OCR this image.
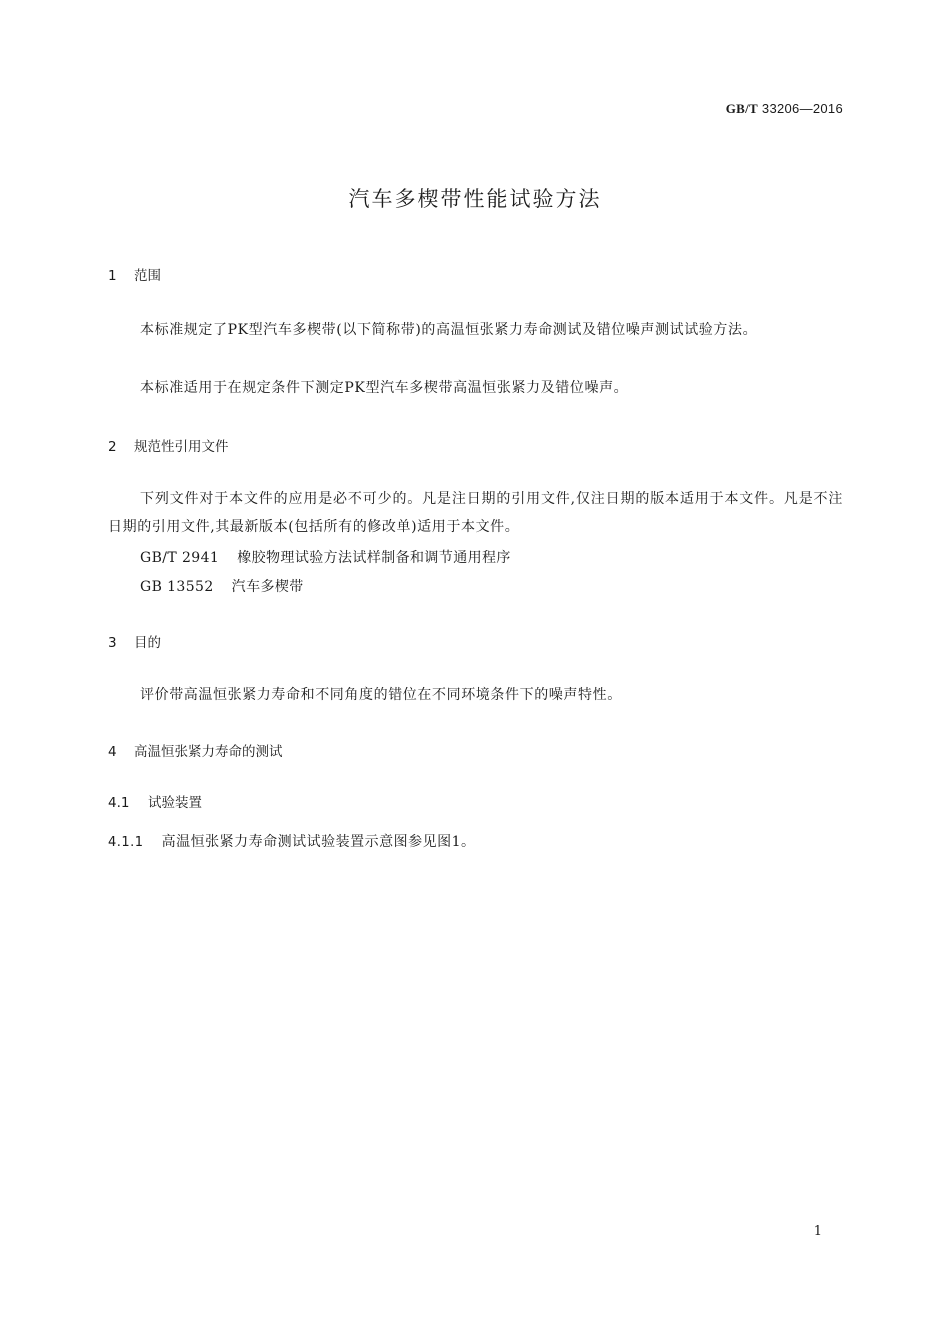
GB/T 33206—2016
汽车多楔带性能试验方法
1 范围
本标准规定了PK型汽车多楔带(以下简称带)的高温恒张紧力寿命测试及错位噪声测试试验方法。
本标准适用于在规定条件下测定PK型汽车多楔带高温恒张紧力及错位噪声。
2 规范性引用文件
下列文件对于本文件的应用是必不可少的。凡是注日期的引用文件,仅注日期的版本适用于本文件。凡是不注日期的引用文件,其最新版本(包括所有的修改单)适用于本文件。
GB/T 2941 橡胶物理试验方法试样制备和调节通用程序
GB 13552 汽车多楔带
3 目的
评价带高温恒张紧力寿命和不同角度的错位在不同环境条件下的噪声特性。
4 高温恒张紧力寿命的测试
4.1 试验装置
4.1.1 高温恒张紧力寿命测试试验装置示意图参见图1。
1
